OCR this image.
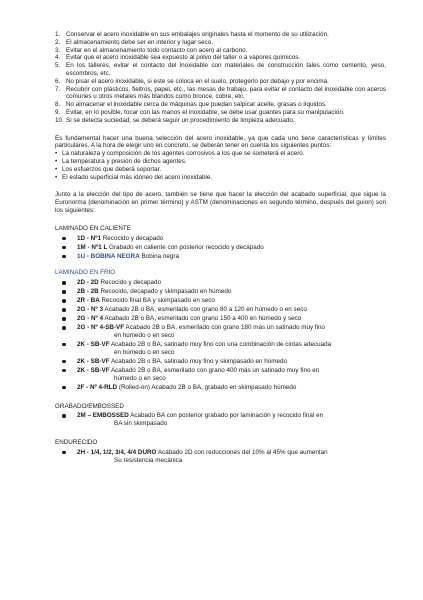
1. Conservar el acero inoxidable en sus embalajes originales hasta el momento de su utilización.
2. El almacenamiento debe ser en interior y lugar seco.
3. Evitar en el almacenamiento todo contacto con acero al carbono.
4. Evitar que el acero inoxidable sea expuesto al polvo del taller o a vapores químicos.
5. En los talleres, evitar el contacto del inoxidable con materiales de construcción tales como cemento, yeso, escombros, etc.
6. No pisar el acero inoxidable, si este se coloca en el suelo, protegerlo por debajo y por encima.
7. Recubrir con plásticos, fieltros, papel, etc., las mesas de trabajo, para evitar el contacto del inoxidable con aceros comunes u otros metales más blandos como bronce, cobre, etc.
8. No almacenar el inoxidable cerca de máquinas que puedan salpicar aceite, grasas o líquidos.
9. Evitar, en lo posible, tocar con las manos el inoxidable, se debe usar guantes para su manipulación.
10. Si se detecta suciedad, se deberá seguir un procedimiento de limpieza adecuado.

Es fundamental hacer una buena selección del acero inoxidable, ya que cada uno tiene características y límites particulares. A la hora de elegir uno en concreto, se deberán tener en cuenta los siguientes puntos:

• La naturaleza y composición de los agentes corrosivos a los que se someterá el acero.
• La temperatura y presión de dichos agentes.
• Los esfuerzos que deberá soportar.
• El estado superficial más idóneo del acero inoxidable.

Junto a la elección del tipo de acero, también se tiene que hacer la elección del acabado superficial, que sigue la Euronorma (denominación en primer término) y ASTM (denominaciones en segundo término, después del guion) son los siguientes:

LAMINADO EN CALIENTE
1D - Nº1 Recocido y decapado
1M - Nº1 L Grabado en caliente con posterior recocido y decapado
1U - BOBINA NEGRA Bobina negra
LAMINADO EN FRIO
2D - 2D Recocido y decapado
2B - 2B Recocido, decapado y skimpasado en húmedo
2R - BA Recocido final BA y skimpasado en seco
2G - Nº 3 Acabado 2B o BA, esmerilado con grano 80 a 120 en húmedo o en seco
2G - Nº 4 Acabado 2B o BA, esmerilado con grano 150 a 400 en húmedo y seco
2G - Nº 4-SB-VF Acabado 2B o BA, esmerilado con grano 180 más un satinado muy fino
en húmedo o en seco
2K - SB-VF Acabado 2B o BA, satinado muy fino con una combinación de cintas adecuada
en húmedo o en seco
2K - SB-VF Acabado 2B o BA, satinado muy fino y skimpasado en húmedo
2K - SB-VF Acabado 2B o BA, esmerilado con grano 400 más un satinado muy fino en
húmedo o en seco
2F - Nº 4-RLD (Rolled-on) Acabado 2B o BA, grabado en skimpasado húmedo
GRABADO/EMBOSSED
2M – EMBOSSED Acabado BA con posterior grabado por laminación y recocido final en
BA sin skimpasado
ENDURECIDO
2H - 1/4, 1/2, 3/4, 4/4 DURO Acabado 2D con reducciones del 10% al 45% que aumentan
Su resistencia mecánica
